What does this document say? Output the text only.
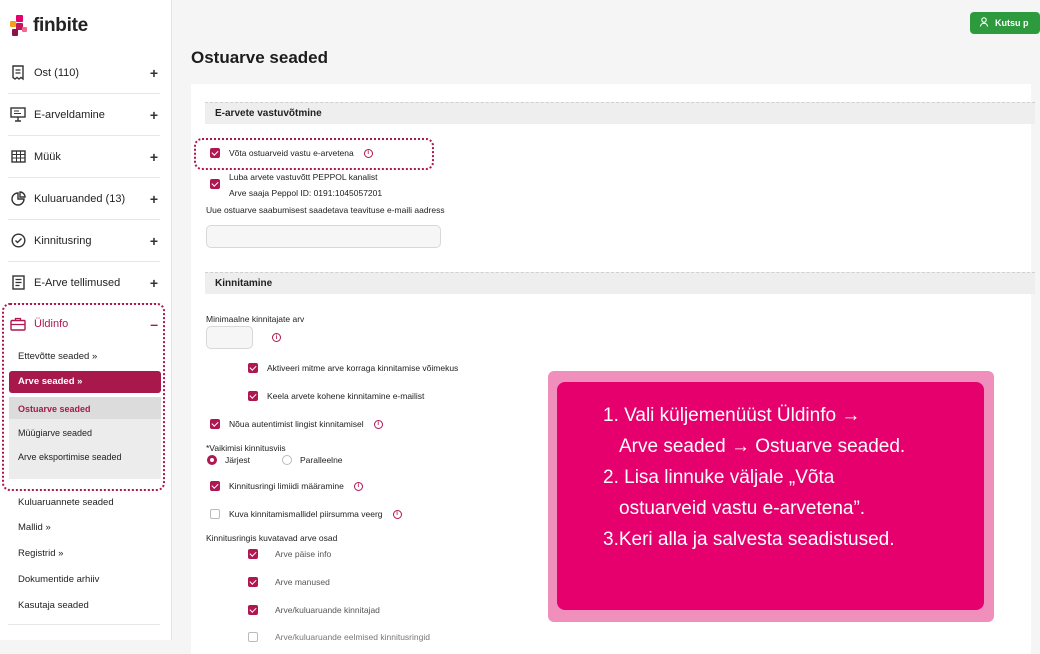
finbite
Ost (110)	+
E-arveldamine	+
Müük	+
Kuluaruanded (13) +
Kinnitusring	+
E-Arve tellimused +
Üldinfo	–
Ettevõtte seaded »
Arve seaded »
Ostuarve seaded
Müügiarve seaded
Arve eksportimise seaded
Kuluaruannete seaded
Mallid »
Registrid »
Dokumentide arhiiv
Kasutaja seaded
Kutsu p
Ostuarve seaded
E-arvete vastuvõtmine
Võta ostuarveid vastu e-arvetena	i
Luba arvete vastuvõtt PEPPOL kanalist
Arve saaja Peppol ID: 0191:1045057201
Uue ostuarve saabumisest saadetava teavituse e-maili aadress
Kinnitamine
Minimaalne kinnitajate arv
i
Aktiveeri mitme arve korraga kinnitamise võimekus
Keela arvete kohene kinnitamine e-mailist
Nõua autentimist lingist kinnitamisel	i
*Vaikimisi kinnitusviis
Järjest	Paralleelne
Kinnitusringi limiidi määramine	i
Kuva kinnitamismallidel piirsumma veerg	i
Kinnitusringis kuvatavad arve osad
Arve päise info
Arve manused
Arve/kuluaruande kinnitajad
Arve/kuluaruande eelmised kinnitusringid
1. Vali küljemenüüst Üldinfo →
Arve seaded → Ostuarve seaded.
2. Lisa linnuke väljale „Võta
ostuarveid vastu e-arvetena”.
3.Keri alla ja salvesta seadistused.
